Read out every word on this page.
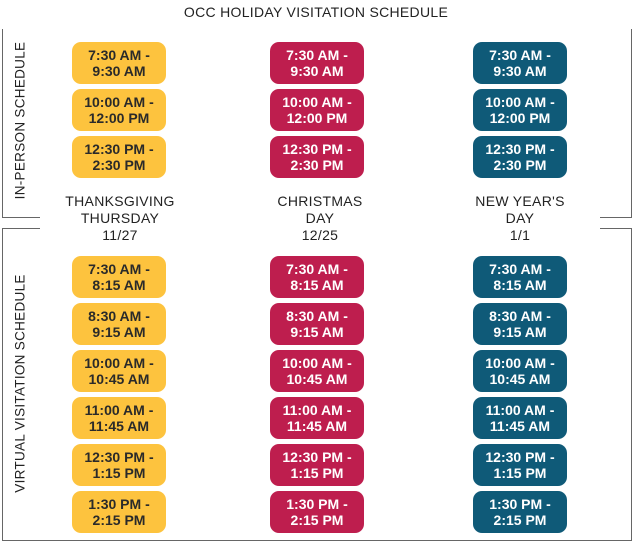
OCC HOLIDAY VISITATION SCHEDULE
IN-PERSON SCHEDULE
VIRTUAL VISITATION SCHEDULE
THANKSGIVING
THURSDAY
11/27
CHRISTMAS
DAY
12/25
NEW YEAR'S
DAY
1/1
7:30 AM -
9:30 AM
7:30 AM -
9:30 AM
7:30 AM -
9:30 AM
10:00 AM -
12:00 PM
10:00 AM -
12:00 PM
10:00 AM -
12:00 PM
12:30 PM -
2:30 PM
12:30 PM -
2:30 PM
12:30 PM -
2:30 PM
7:30 AM -
8:15 AM
7:30 AM -
8:15 AM
7:30 AM -
8:15 AM
8:30 AM -
9:15 AM
8:30 AM -
9:15 AM
8:30 AM -
9:15 AM
10:00 AM -
10:45 AM
10:00 AM -
10:45 AM
10:00 AM -
10:45 AM
11:00 AM -
11:45 AM
11:00 AM -
11:45 AM
11:00 AM -
11:45 AM
12:30 PM -
1:15 PM
12:30 PM -
1:15 PM
12:30 PM -
1:15 PM
1:30 PM -
2:15 PM
1:30 PM -
2:15 PM
1:30 PM -
2:15 PM
